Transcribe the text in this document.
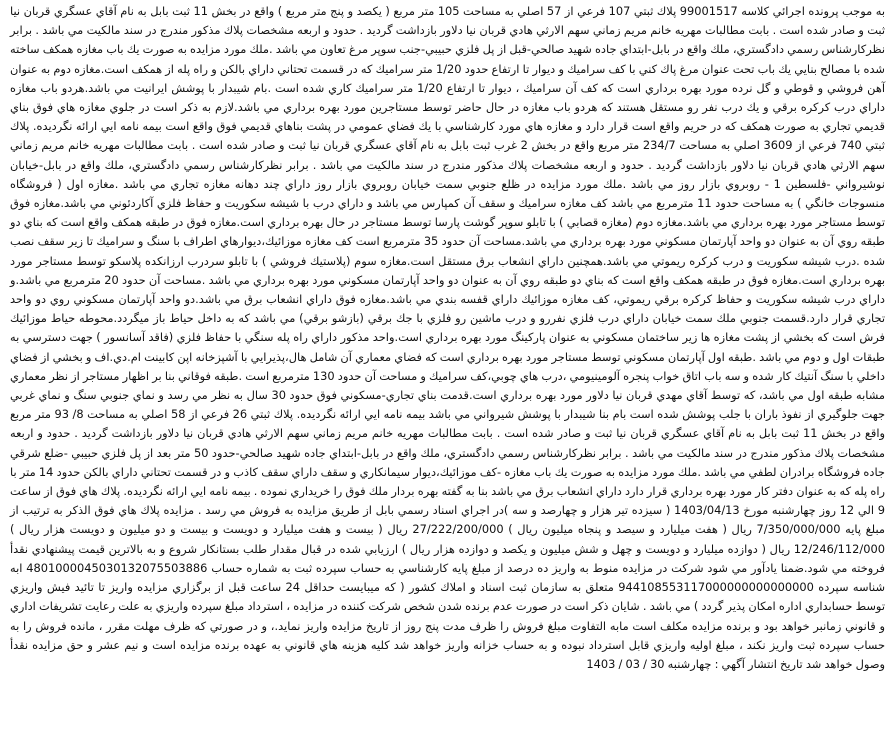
به موجب پرونده اجرائي كلاسه 99001517 پلاك ثبتي 107 فرعي از 57 اصلي به مساحت 105 متر مربع ( يكصد و پنج متر مربع ) واقع در بخش 11 ثبت بابل به نام آقاي عسگري قربان نيا ثبت و صادر شده است . بابت مطالبات مهريه خانم مريم زماني سهم الارثي هادي قربان نيا دلاور بازداشت گرديد . حدود و اربعه مشخصات پلاك مذكور مندرج در سند مالكيت مي باشد . برابر نظركارشناس رسمي دادگستري، ملك واقع در بابل-ابتداي جاده شهيد صالحي-قبل از پل فلزي حبيبي-جنب سوپر مرغ تعاون مي باشد .ملك مورد مزايده به صورت يك باب مغازه همكف ساخته شده با مصالح بنايي يك باب تحت عنوان مرغ پاك كني با كف سراميك و ديوار تا ارتفاع حدود 1/20 متر سراميك كه در قسمت تحتاني داراي بالكن و راه پله از همكف است.مغازه دوم به عنوان آهن فروشي و قوطي و گل نرده مورد بهره برداري است كه كف آن سراميك ، ديوار تا ارتفاع 1/20 متر سراميك كاري شده است .بام شيبدار با پوشش ايرانيت مي باشد.هردو باب مغازه داراي درب كركره برقي و يك درب نفر رو مستقل هستند كه هردو باب مغازه در حال حاضر توسط مستاجرين مورد بهره برداري مي باشد.لازم به ذكر است در جلوي مغازه هاي فوق بناي قديمي تجاري به صورت همكف كه در حريم واقع است قرار دارد و مغازه هاي مورد كارشناسي با يك فضاي عمومي در پشت بناهاي قديمي فوق واقع است بيمه نامه ايي ارائه نگرديده. پلاك ثبتي 740 فرعي از 3609 اصلي به مساحت 234/7 متر مربع واقع در بخش 2 غرب ثبت بابل به نام آقاي عسگري قربان نيا ثبت و صادر شده است . بابت مطالبات مهريه خانم مريم زماني سهم الارثي هادي قربان نيا دلاور بازداشت گرديد . حدود و اربعه مشخصات پلاك مذكور مندرج در سند مالكيت مي باشد . برابر نظركارشناس رسمي دادگستري، ملك واقع در بابل-خيابان نوشيرواني -فلسطين 1 - روبروي بازار روز مي باشد .ملك مورد مزايده در ظلع جنوبي سمت خيابان روبروي بازار روز داراي چند دهانه مغازه تجاري مي باشد .مغازه اول ( فروشگاه منسوجات خانگي ) به مساحت حدود 11 مترمربع مي باشد كف مغازه سراميك و سقف آن كمپارس مي باشد و داراي درب با شيشه سكوريت و حفاظ فلزي آكاردئوني مي باشد.مغازه فوق توسط مستاجر مورد بهره برداري مي باشد.مغازه دوم (مغازه قصابي ) با تابلو سوپر گوشت پارسا توسط مستاجر در حال بهره برداري است.مغازه فوق در طبقه همكف واقع است كه بناي دو طبقه روي آن به عنوان دو واحد آپارتمان مسكوني مورد بهره برداري مي باشد.مساحت آن حدود 35 مترمربع است كف مغازه موزائيك،ديوارهاي اطراف با سنگ و سراميك تا زير سقف نصب شده .درب شيشه سكوريت و درب كركره ريموتي مي باشد.همچنين داراي انشعاب برق مستقل است.مغازه سوم (پلاستيك فروشي ) با تابلو سردرب ارزانكده پلاسكو توسط مستاجر مورد بهره برداري است.مغازه فوق در طبقه همكف واقع است كه بناي دو طبقه روي آن به عنوان دو واحد آپارتمان مسكوني مورد بهره برداري مي باشد .مساحت آن حدود 20 مترمربع مي باشد.و داراي درب شيشه سكوريت و حفاظ كركره برقي ريموتي، كف مغازه موزائيك داراي قفسه بندي مي باشد.مغازه فوق داراي انشعاب برق مي باشد.دو واحد آپارتمان مسكوني روي دو واحد تجاري قرار دارد.قسمت جنوبي ملك سمت خيابان داراي درب فلزي نفررو و درب ماشين رو فلزي با جك برقي (بازشو برقي) مي باشد كه به داخل حياط باز ميگردد.محوطه حياط موزائيك فرش است كه بخشي از پشت مغازه ها زير ساختمان مسكوني به عنوان پاركينگ مورد بهره برداري است.واحد مذكور داراي راه پله سنگي با حفاظ فلزي (فاقد آسانسور ) جهت دسترسي به طبقات اول و دوم مي باشد .طبقه اول آپارتمان مسكوني توسط مستاجر مورد بهره برداري است كه فضاي معماري آن شامل هال،پذيرايي با آشپزخانه اپن كابينت ام.دي.اف و بخشي از فضاي داخلي با سنگ آنتيك كار شده و سه باب اتاق خواب پنجره آلومينيومي ،درب هاي چوبي،كف سراميك و مساحت آن حدود 130 مترمربع است .طبقه فوقاني بنا بر اظهار مستاجر از نظر معماري مشابه طبقه اول مي باشد، كه توسط آقاي مهدي قربان نيا دلاور مورد بهره برداري است.قدمت بناي تجاري-مسكوني فوق حدود 30 سال به نظر مي رسد و نماي جنوبي سنگ و نماي غربي جهت جلوگيري از نفوذ باران با جلب پوشش شده است بام بنا شيبدار با پوشش شيرواني مي باشد بيمه نامه ايي ارائه نگرديده. پلاك ثبتي 26 فرعي از 58 اصلي به مساحت 8/ 93 متر مربع واقع در بخش 11 ثبت بابل به نام آقاي عسگري قربان نيا ثبت و صادر شده است . بابت مطالبات مهريه خانم مريم زماني سهم الارثي هادي قربان نيا دلاور بازداشت گرديد . حدود و اربعه مشخصات پلاك مذكور مندرج در سند مالكيت مي باشد . برابر نظركارشناس رسمي دادگستري، ملك واقع در بابل-ابتداي جاده شهيد صالحي-حدود 50 متر بعد از پل فلزي حبيبي -ضلع شرقي جاده فروشگاه برادران لطفي مي باشد .ملك مورد مزايده به صورت يك باب مغازه -كف موزائيك،ديوار سيمانكاري و سقف داراي سقف كاذب و در قسمت تحتاني داراي بالكن حدود 14 متر با راه پله كه به عنوان دفتر كار مورد بهره برداري قرار دارد داراي انشعاب برق مي باشد بنا به گفته بهره بردار ملك فوق را خريداري نموده . بيمه نامه ايي ارائه نگرديده. پلاك هاي فوق از ساعت 9 الي 12 روز چهارشنبه مورخ 1403/04/13 ( سيزده تير هزار و چهارصد و سه )در اجراي اسناد رسمي بابل از طريق مزايده به فروش مي رسد . مزايده پلاك هاي فوق الذكر به ترتيب از مبلغ پايه 7/350/000/000 ريال ( هفت ميليارد و سيصد و پنجاه ميليون ريال ) 27/222/200/000 ريال ( بيست و هفت ميليارد و دويست و بيست و دو ميليون و دويست هزار ريال ) 12/246/112/000 ريال ( دوازده ميليارد و دويست و چهل و شش ميليون و يكصد و دوازده هزار ريال ) ارزيابي شده در قبال مقدار طلب بستانكار شروع و به بالاترين قيمت پيشنهادي نقدأ فروخته مي شود.ضمنا يادآور مي شود شركت در مزايده منوط به واريز ده درصد از مبلغ پايه كارشناسي به حساب سپرده ثبت به شماره حساب 4801000045030132075503886 ابه شناسه سپرده 944108553117000000000000000 متعلق به سازمان ثبت اسناد و املاك كشور ( كه ميبايست حداقل 24 ساعت قبل از برگزاري مزايده واريز تا تائيد فيش واريزي توسط حسابداري اداره امكان پذير گردد ) مي باشد . شايان ذكر است در صورت عدم برنده شدن شخص شركت كننده در مزايده ، استرداد مبلغ سپرده واريزي به علت رعايت تشريفات اداري و قانوني زمانبر خواهد بود و برنده مزايده مكلف است مابه التفاوت مبلغ فروش را ظرف مدت پنج روز از تاريخ مزايده واريز نمايد.، و در صورتي كه ظرف مهلت مقرر ، مانده فروش را به حساب سپرده ثبت واريز نكند ، مبلغ اوليه واريزي قابل استرداد نبوده و به حساب خزانه واريز خواهد شد كليه هزينه هاي قانوني به عهده برنده مزايده است و نيم عشر و حق مزايده نقدأ وصول خواهد شد تاريخ انتشار آگهي : چهارشنبه 30 / 03 / 1403
